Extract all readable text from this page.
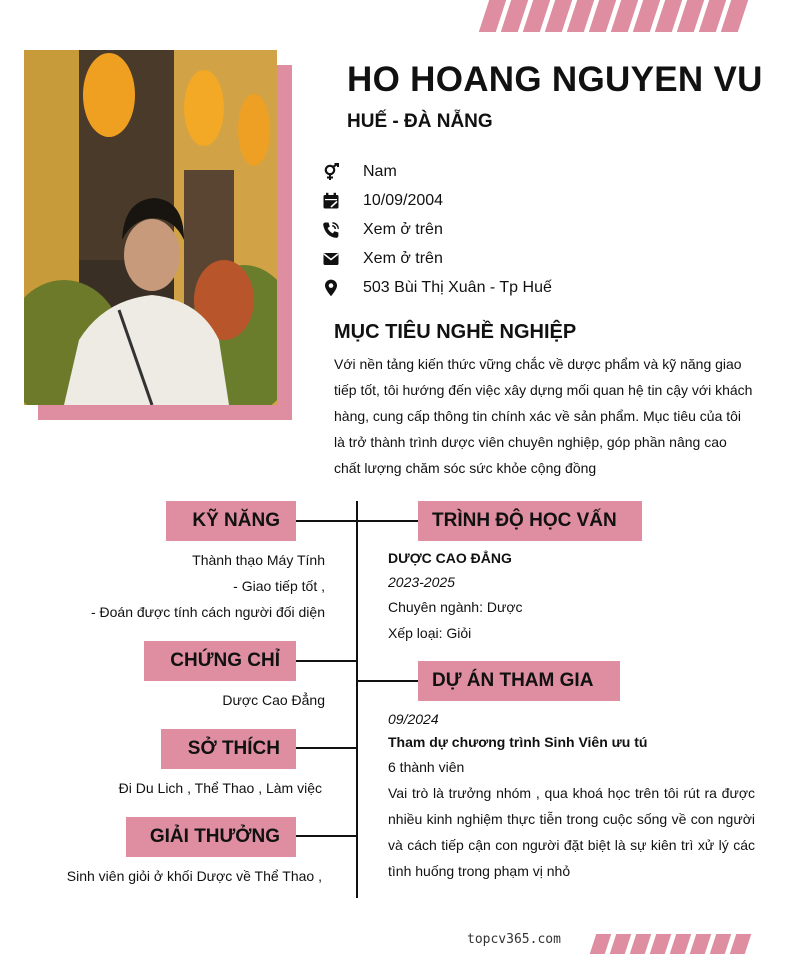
HO HOANG NGUYEN VU
HUẾ - ĐÀ NẴNG
Nam
10/09/2004
Xem ở trên
Xem ở trên
503 Bùi Thị Xuân - Tp Huế
MỤC TIÊU NGHỀ NGHIỆP
Với nền tảng kiến thức vững chắc về dược phẩm và kỹ năng giao tiếp tốt, tôi hướng đến việc xây dựng mối quan hệ tin cậy với khách hàng, cung cấp thông tin chính xác về sản phẩm. Mục tiêu của tôi là trở thành trình dược viên chuyên nghiệp, góp phần nâng cao chất lượng chăm sóc sức khỏe cộng đồng
KỸ NĂNG
Thành thạo Máy Tính
- Giao tiếp tốt ,
- Đoán được tính cách người đối diện
CHỨNG CHỈ
Dược Cao Đẳng
SỞ THÍCH
Đi Du Lich , Thể Thao , Làm việc
GIẢI THƯỞNG
Sinh viên giỏi ở khối Dược về Thể Thao ,
TRÌNH ĐỘ HỌC VẤN
DƯỢC CAO ĐẲNG
2023-2025
Chuyên ngành: Dược
Xếp loại: Giỏi
DỰ ÁN THAM GIA
09/2024
Tham dự chương trình Sinh Viên ưu tú
6 thành viên
Vai trò là trưởng nhóm , qua khoá học trên tôi rút ra được nhiều kinh nghiệm thực tiễn trong cuộc sống về con người và cách tiếp cận con người đặt biệt là sự kiên trì xử lý các tình huống trong phạm vị nhỏ
topcv365.com
